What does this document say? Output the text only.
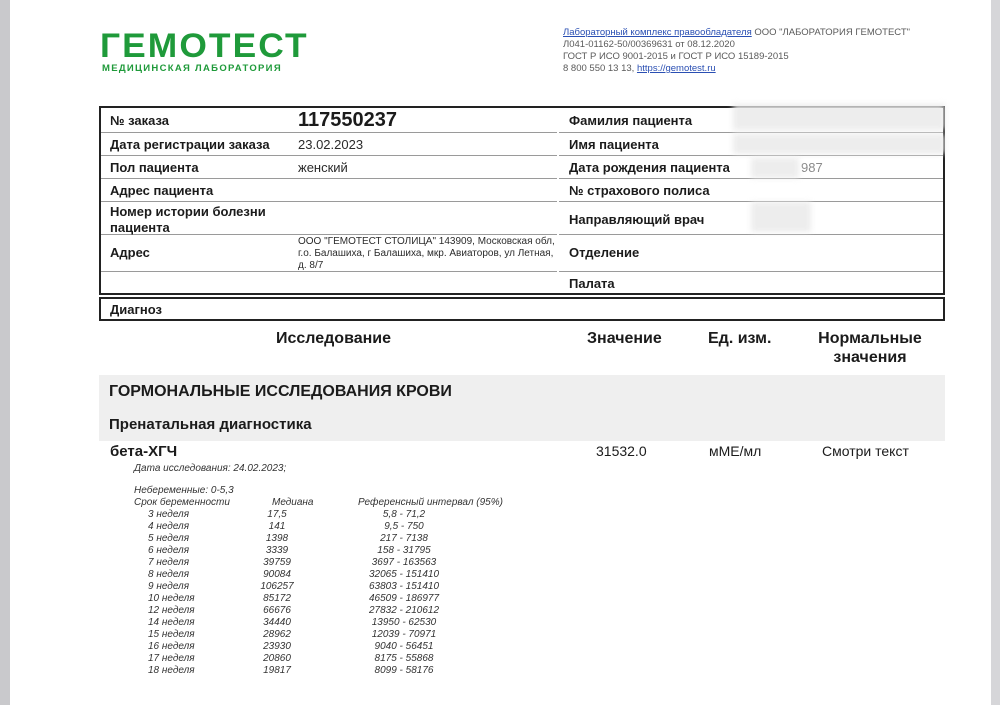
ГЕМОТЕСТ
МЕДИЦИНСКАЯ ЛАБОРАТОРИЯ
Лабораторный комплекс правообладателя ООО "ЛАБОРАТОРИЯ ГЕМОТЕСТ"
Л041-01162-50/00369631 от 08.12.2020
ГОСТ Р ИСО 9001-2015 и ГОСТ Р ИСО 15189-2015
8 800 550 13 13, https://gemotest.ru
№ заказа	117550237
Дата регистрации заказа 23.02.2023
Пол пациента	женский
Адрес пациента
Номер истории болезни
пациента
Адрес
ООО "ГЕМОТЕСТ СТОЛИЦА" 143909, Московская обл, г.о. Балашиха, г Балашиха, мкр. Авиаторов, ул Летная, д. 8/7
Фамилия пациента
Имя пациента
Дата рождения пациента	987
№ страхового полиса
Направляющий врач
Отделение
Палата
Диагноз
Исследование	Значение	Ед. изм.	Нормальные
значения
ГОРМОНАЛЬНЫЕ ИССЛЕДОВАНИЯ КРОВИ
Пренатальная диагностика
бета-ХГЧ	31532.0	мМЕ/мл	Смотри текст
Дата исследования: 24.02.2023;
Небеременные: 0-5,3
Срок беременности	Медиана	Референсный интервал (95%)
3 неделя	17,5	5,8 - 71,2
4 неделя	141	9,5 - 750
5 неделя	1398	217 - 7138
6 неделя	3339	158 - 31795
7 неделя	39759	3697 - 163563
8 неделя	90084	32065 - 151410
9 неделя	106257	63803 - 151410
10 неделя	85172	46509 - 186977
12 неделя	66676	27832 - 210612
14 неделя	34440	13950 - 62530
15 неделя	28962	12039 - 70971
16 неделя	23930	9040 - 56451
17 неделя	20860	8175 - 55868
18 неделя	19817	8099 - 58176
